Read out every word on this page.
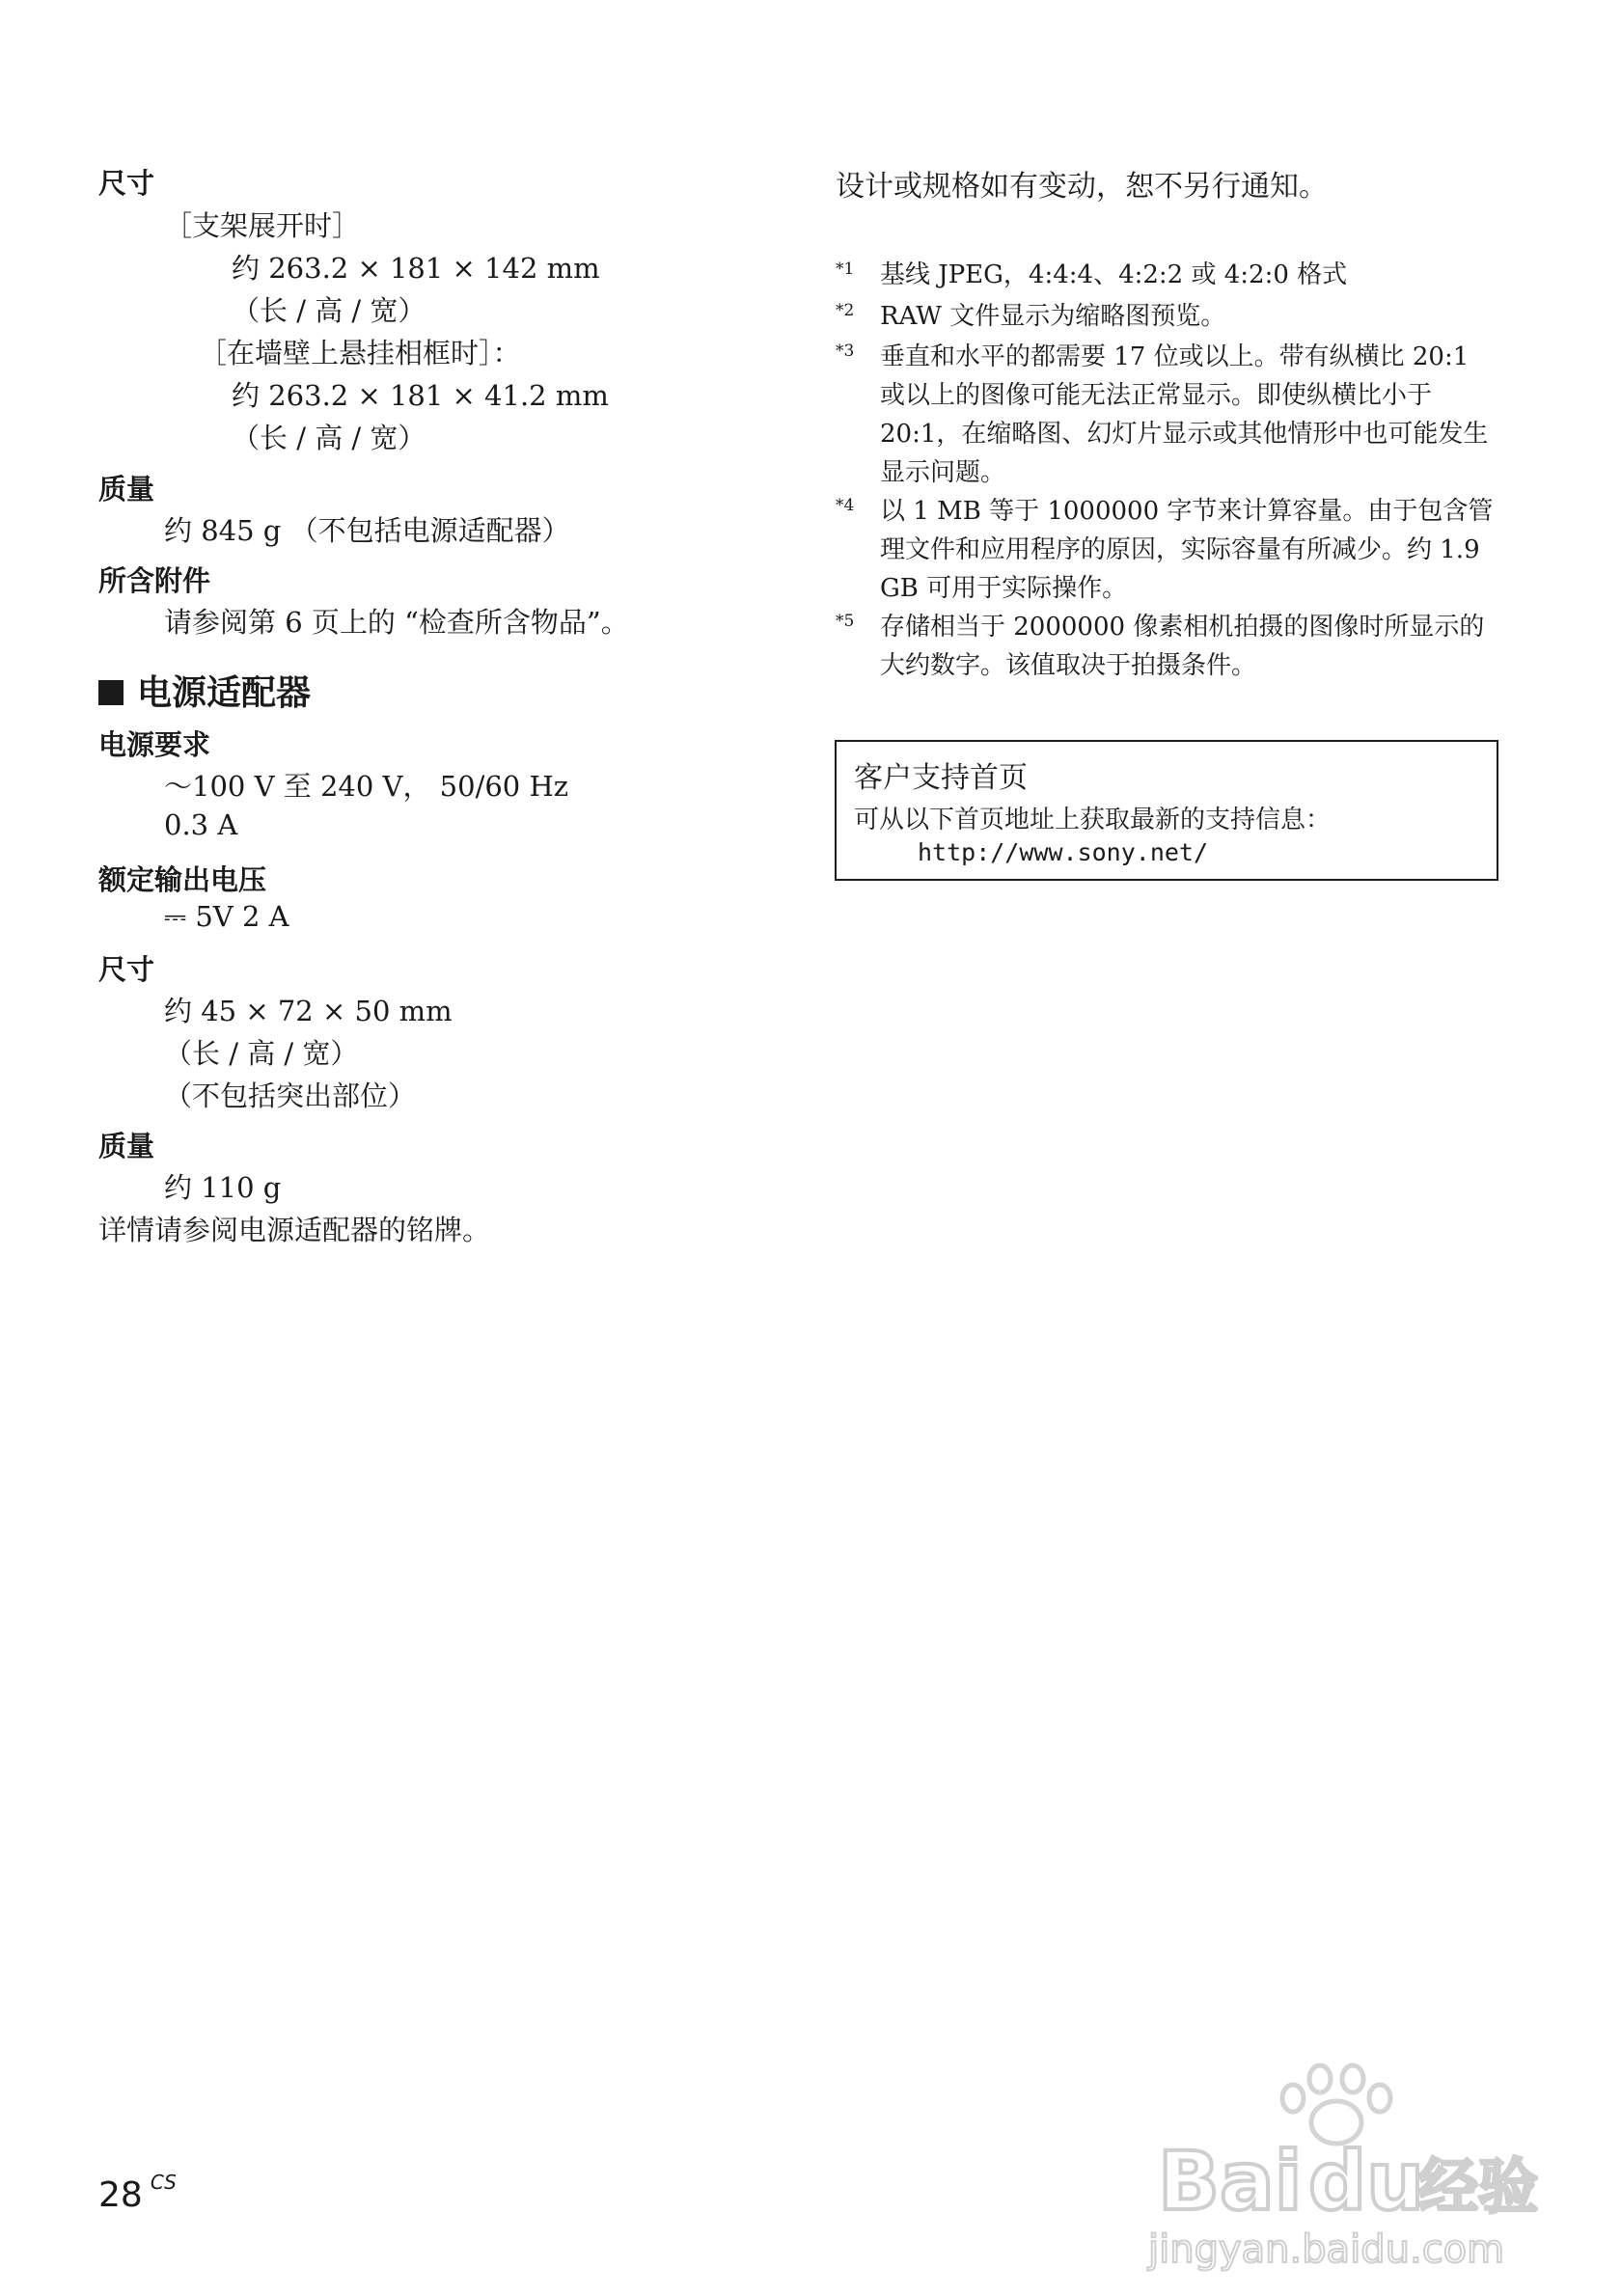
尺寸
［支架展开时］
约 263.2 × 181 × 142 mm
（长 / 高 / 宽）
［在墙壁上悬挂相框时］：
约 263.2 × 181 × 41.2 mm
（长 / 高 / 宽）
质量
约 845 g （不包括电源适配器）
所含附件
请参阅第 6 页上的 “检查所含物品”。
电源适配器
电源要求
～100 V 至 240 V， 50/60 Hz
0.3 A
额定输出电压
⎓ 5V 2 A
尺寸
约 45 × 72 × 50 mm
（长 / 高 / 宽）
（不包括突出部位）
质量
约 110 g
详情请参阅电源适配器的铭牌。
设计或规格如有变动，恕不另行通知。
*1 基线 JPEG，4:4:4、4:2:2 或 4:2:0 格式
*2 RAW 文件显示为缩略图预览。
*3 垂直和水平的都需要 17 位或以上。带有纵横比 20:1 或以上的图像可能无法正常显示。即使纵横比小于 20:1，在缩略图、幻灯片显示或其他情形中也可能发生显示问题。
*4 以 1 MB 等于 1000000 字节来计算容量。由于包含管理文件和应用程序的原因，实际容量有所减少。约 1.9 GB 可用于实际操作。
*5 存储相当于 2000000 像素相机拍摄的图像时所显示的大约数字。该值取决于拍摄条件。
客户支持首页
可从以下首页地址上获取最新的支持信息：
http://www.sony.net/
28 $^{CS}$	Bai du
经验
jingyan.baidu.com
